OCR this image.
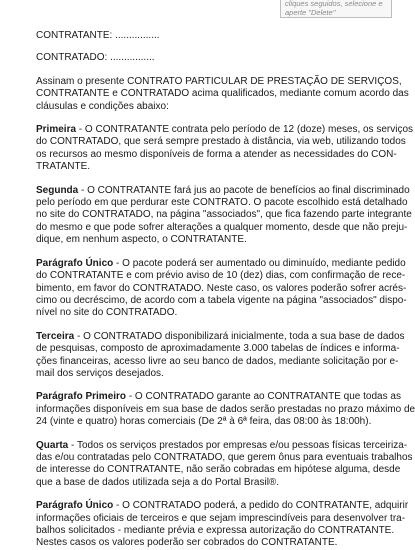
cliques seguidos, selecione e
aperte "Delete"
CONTRATANTE: ................
CONTRATADO: ................
Assinam o presente CONTRATO PARTICULAR DE PRESTAÇÃO DE SERVIÇOS,
CONTRATANTE e CONTRATADO acima qualificados, mediante comum acordo das
cláusulas e condições abaixo:
Primeira - O CONTRATANTE contrata pelo período de 12 (doze) meses, os serviços
do CONTRATADO, que será sempre prestado à distância, via web, utilizando todos
os recursos ao mesmo disponíveis de forma a atender as necessidades do CON-
TRATANTE.
Segunda - O CONTRATANTE fará jus ao pacote de benefícios ao final discriminado
pelo período em que perdurar este CONTRATO. O pacote escolhido está detalhado
no site do CONTRATADO, na página "associados", que fica fazendo parte integrante
do mesmo e que pode sofrer alterações a qualquer momento, desde que não preju-
dique, em nenhum aspecto, o CONTRATANTE.
Parágrafo Único - O pacote poderá ser aumentado ou diminuído, mediante pedido
do CONTRATANTE e com prévio aviso de 10 (dez) dias, com confirmação de rece-
bimento, em favor do CONTRATADO. Neste caso, os valores poderão sofrer acrés-
cimo ou decréscimo, de acordo com a tabela vigente na página "associados" dispo-
nível no site do CONTRATADO.
Terceira - O CONTRATADO disponibilizará inicialmente, toda a sua base de dados
de pesquisas, composto de aproximadamente 3.000 tabelas de índices e informa-
ções financeiras, acesso livre ao seu banco de dados, mediante solicitação por e-
mail dos serviços desejados.
Parágrafo Primeiro - O CONTRATADO garante ao CONTRATANTE que todas as
informações disponíveis em sua base de dados serão prestadas no prazo máximo de
24 (vinte e quatro) horas comerciais (De 2ª à 6ª feira, das 08:00 às 18:00h).
Quarta - Todos os serviços prestados por empresas e/ou pessoas físicas terceiriza-
das e/ou contratadas pelo CONTRATADO, que gerem ônus para eventuais trabalhos
de interesse do CONTRATANTE, não serão cobradas em hipótese alguma, desde
que a base de dados utilizada seja a do Portal Brasil®.
Parágrafo Único - O CONTRATADO poderá, a pedido do CONTRATANTE, adquirir
informações oficiais de terceiros e que sejam imprescindíveis para desenvolver tra-
balhos solicitados - mediante prévia e expressa autorização do CONTRATANTE.
Nestes casos os valores poderão ser cobrados do CONTRATANTE.
